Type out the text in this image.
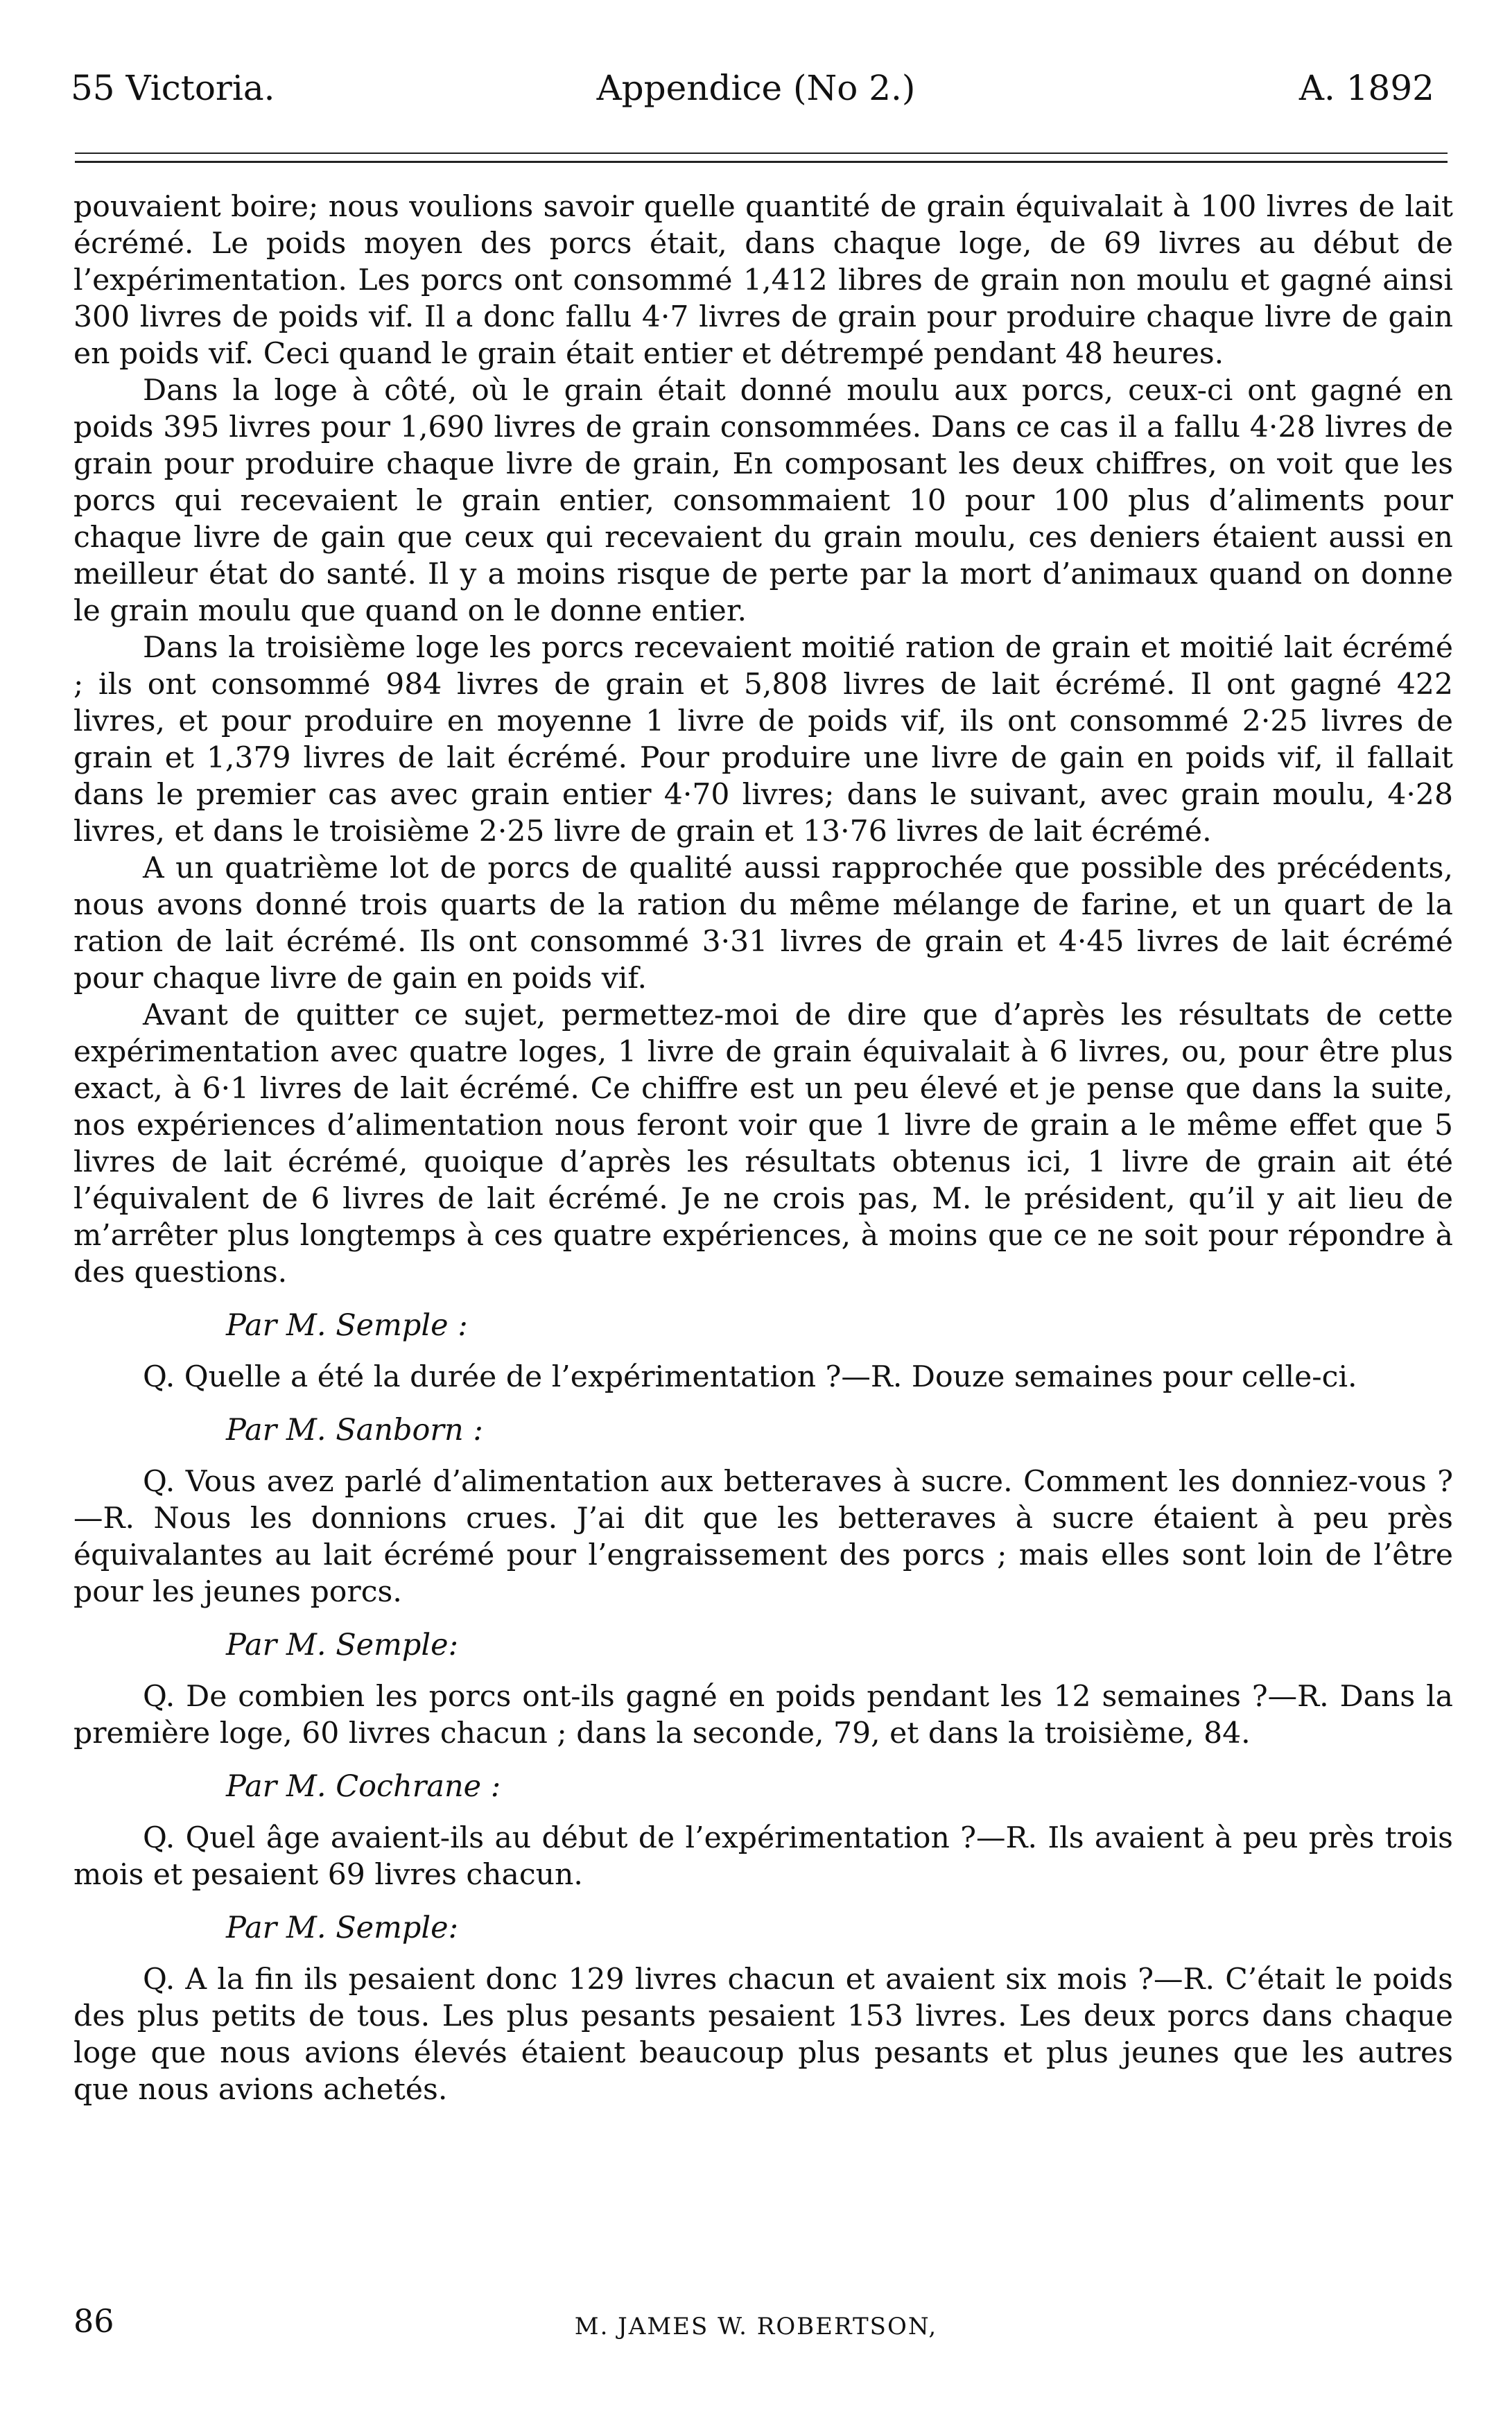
55 Victoria.	Appendice (No 2.)	A. 1892

pouvaient boire; nous voulions savoir quelle quantité de grain équivalait à 100 livres de lait écrémé. Le poids moyen des porcs était, dans chaque loge, de 69 livres au début de l’expérimentation. Les porcs ont consommé 1,412 libres de grain non moulu et gagné ainsi 300 livres de poids vif. Il a donc fallu 4·7 livres de grain pour produire chaque livre de gain en poids vif. Ceci quand le grain était entier et détrempé pendant 48 heures.

Dans la loge à côté, où le grain était donné moulu aux porcs, ceux-ci ont gagné en poids 395 livres pour 1,690 livres de grain consommées. Dans ce cas il a fallu 4·28 livres de grain pour produire chaque livre de grain, En composant les deux chiffres, on voit que les porcs qui recevaient le grain entier, consommaient 10 pour 100 plus d’aliments pour chaque livre de gain que ceux qui recevaient du grain moulu, ces deniers étaient aussi en meilleur état do santé. Il y a moins risque de perte par la mort d’animaux quand on donne le grain moulu que quand on le donne entier.

Dans la troisième loge les porcs recevaient moitié ration de grain et moitié lait écrémé ; ils ont consommé 984 livres de grain et 5,808 livres de lait écrémé. Il ont gagné 422 livres, et pour produire en moyenne 1 livre de poids vif, ils ont consommé 2·25 livres de grain et 1,379 livres de lait écrémé. Pour produire une livre de gain en poids vif, il fallait dans le premier cas avec grain entier 4·70 livres; dans le suivant, avec grain moulu, 4·28 livres, et dans le troisième 2·25 livre de grain et 13·76 livres de lait écrémé.

A un quatrième lot de porcs de qualité aussi rapprochée que possible des précédents, nous avons donné trois quarts de la ration du même mélange de farine, et un quart de la ration de lait écrémé. Ils ont consommé 3·31 livres de grain et 4·45 livres de lait écrémé pour chaque livre de gain en poids vif.

Avant de quitter ce sujet, permettez-moi de dire que d’après les résultats de cette expérimentation avec quatre loges, 1 livre de grain équivalait à 6 livres, ou, pour être plus exact, à 6·1 livres de lait écrémé. Ce chiffre est un peu élevé et je pense que dans la suite, nos expériences d’alimentation nous feront voir que 1 livre de grain a le même effet que 5 livres de lait écrémé, quoique d’après les résultats obtenus ici, 1 livre de grain ait été l’équivalent de 6 livres de lait écrémé. Je ne crois pas, M. le président, qu’il y ait lieu de m’arrêter plus longtemps à ces quatre expériences, à moins que ce ne soit pour répondre à des questions.

Par M. Semple :

Q. Quelle a été la durée de l’expérimentation ?—R. Douze semaines pour celle-ci.

Par M. Sanborn :

Q. Vous avez parlé d’alimentation aux betteraves à sucre. Comment les donniez-vous ?—R. Nous les donnions crues. J’ai dit que les betteraves à sucre étaient à peu près équivalantes au lait écrémé pour l’engraissement des porcs ; mais elles sont loin de l’être pour les jeunes porcs.

Par M. Semple:

Q. De combien les porcs ont-ils gagné en poids pendant les 12 semaines ?—R. Dans la première loge, 60 livres chacun ; dans la seconde, 79, et dans la troisième, 84.

Par M. Cochrane :

Q. Quel âge avaient-ils au début de l’expérimentation ?—R. Ils avaient à peu près trois mois et pesaient 69 livres chacun.

Par M. Semple:

Q. A la fin ils pesaient donc 129 livres chacun et avaient six mois ?—R. C’était le poids des plus petits de tous. Les plus pesants pesaient 153 livres. Les deux porcs dans chaque loge que nous avions élevés étaient beaucoup plus pesants et plus jeunes que les autres que nous avions achetés.

86	M. JAMES W. ROBERTSON,
